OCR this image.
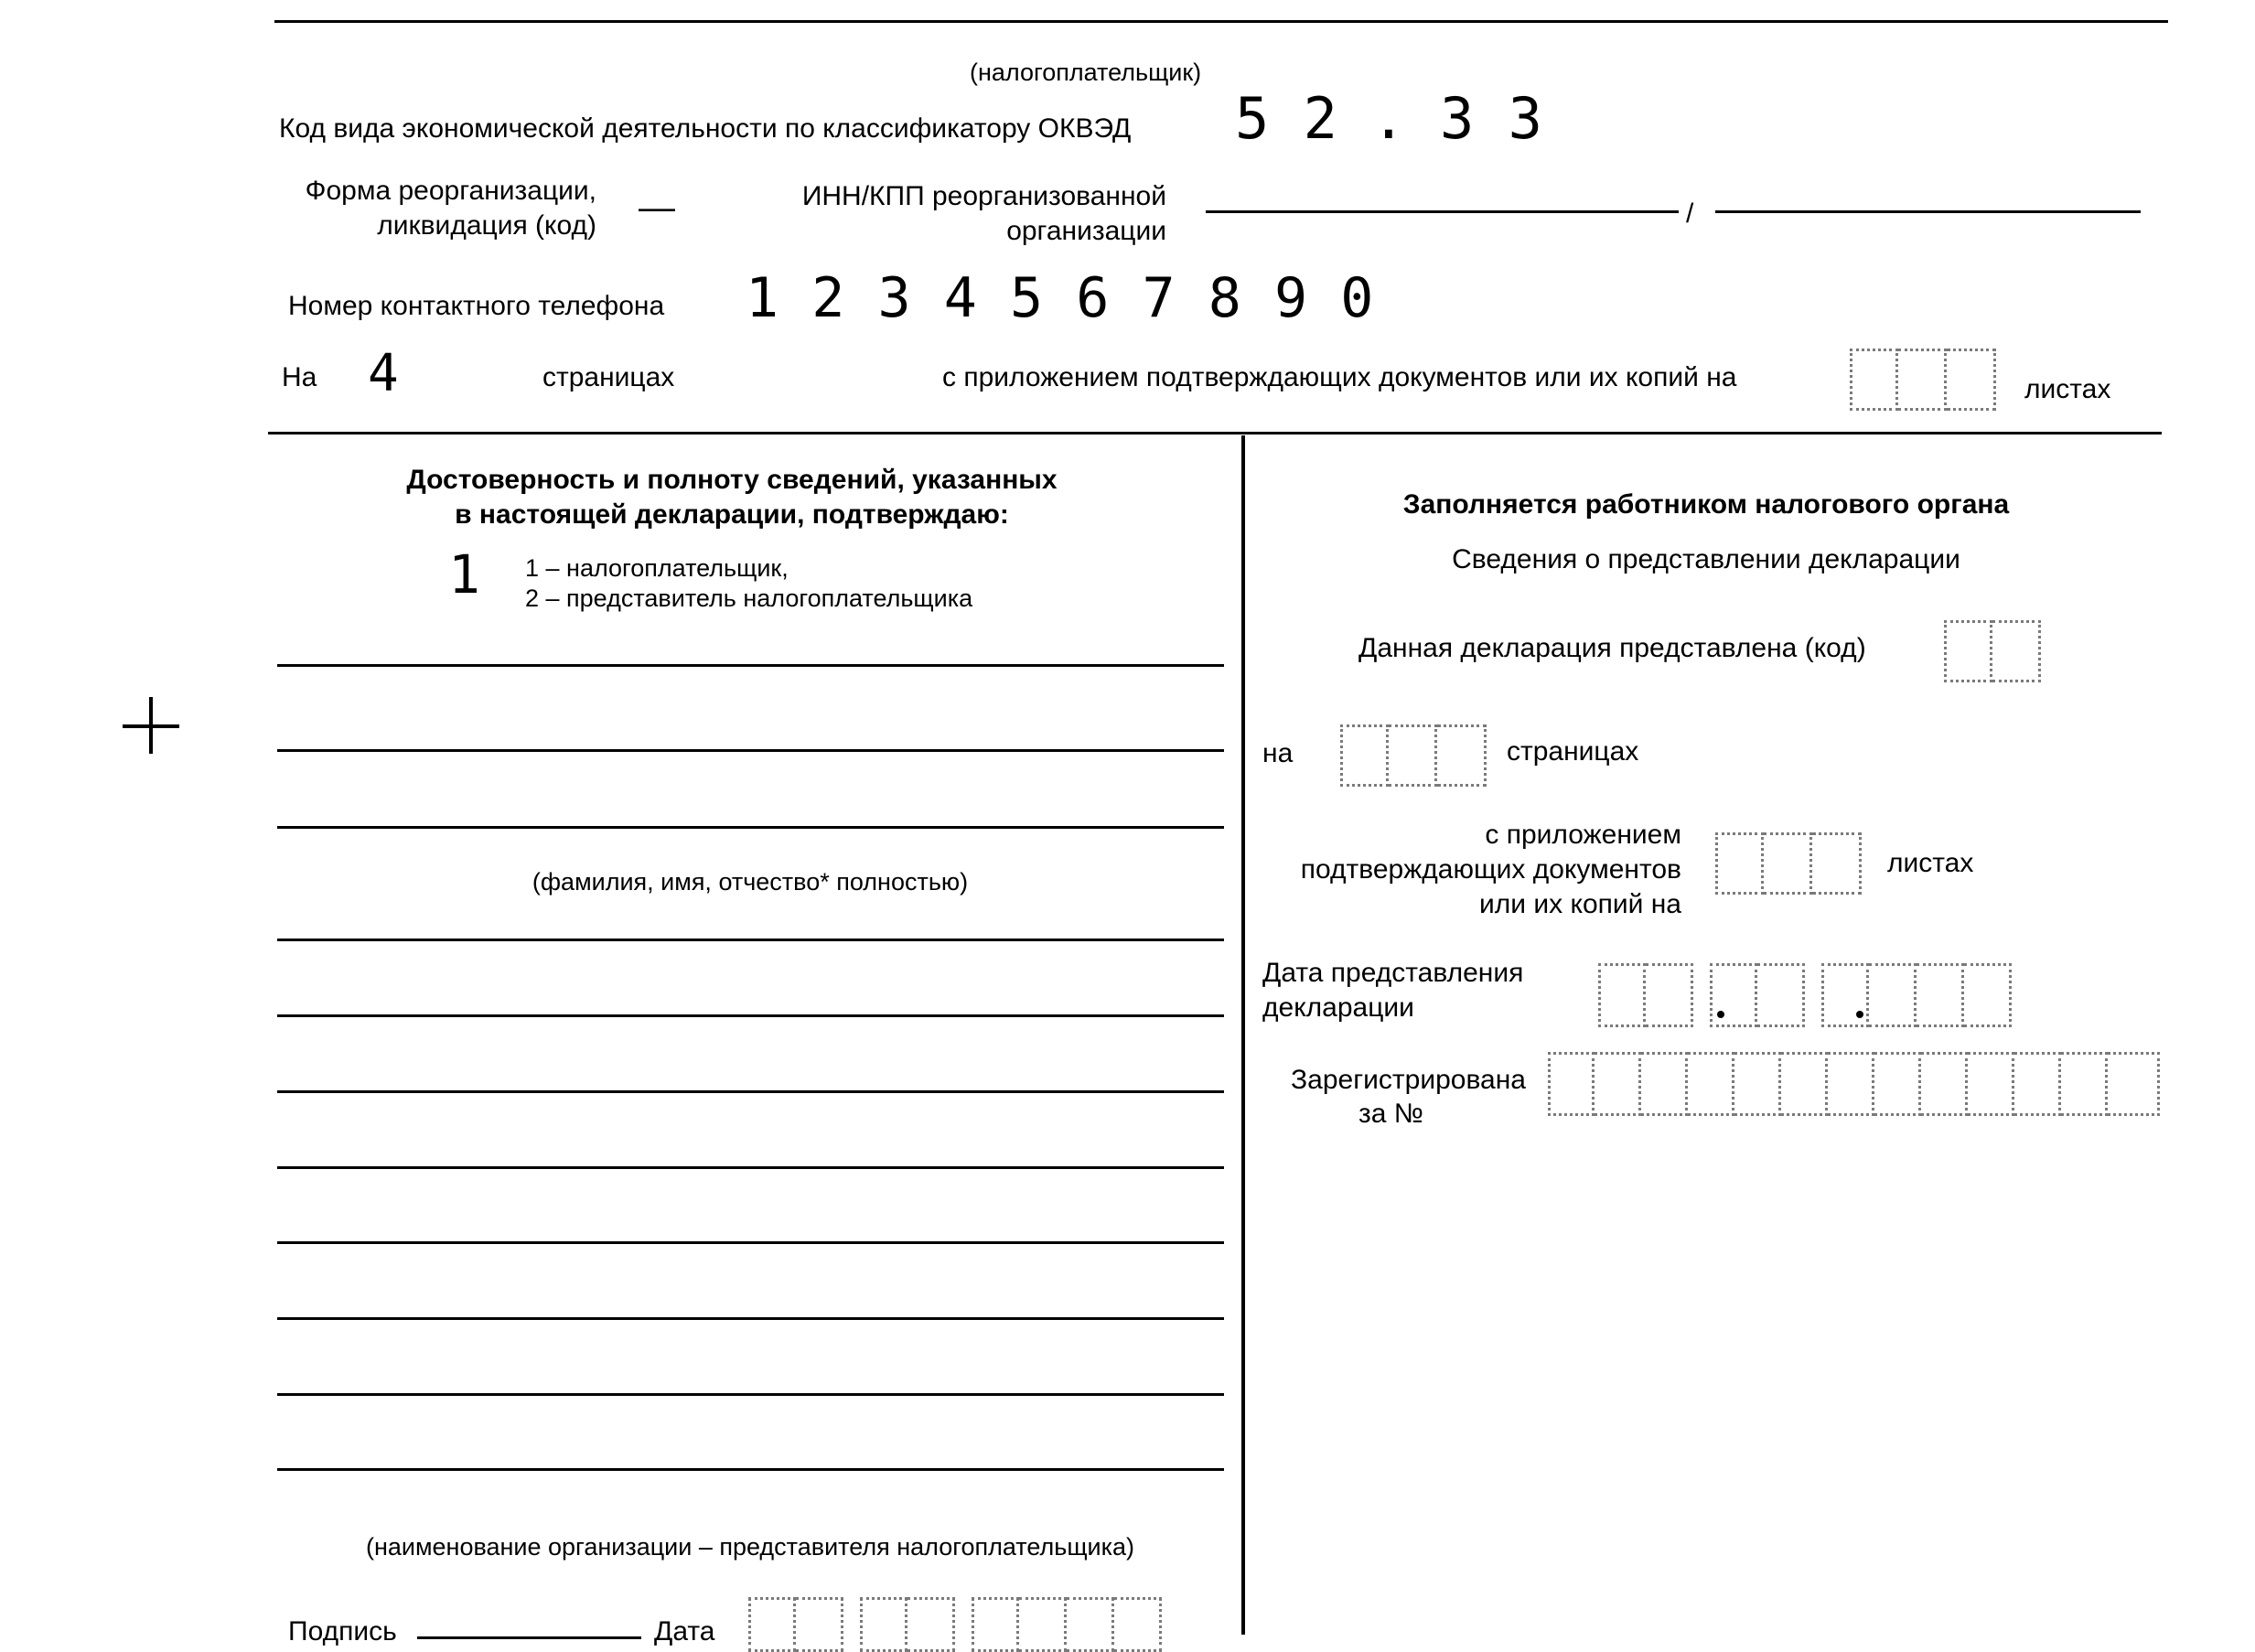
(налогоплательщик)
Код вида экономической деятельности по классификатору ОКВЭД 5 2 . 3 3
Форма реорганизации,
ликвидация (код) —	ИНН/КПП реорганизованной
организации
/
Номер контактного телефона 1 2 3 4 5 6 7 8 9 0
На 4	страницах	с приложением подтверждающих документов или их копий на	листах
Достоверность и полноту сведений, указанных
в настоящей декларации, подтверждаю:
1 1 – налогоплательщик,
2 – представитель налогоплательщика
(фамилия, имя, отчество* полностью)
(наименование организации – представителя налогоплательщика)
Подпись	Дата
Заполняется работником налогового органа
Сведения о представлении декларации
Данная декларация представлена (код)
на	страницах
с приложением
подтверждающих документов
или их копий на
листах
Дата представления
декларации
Зарегистрирована
за №
